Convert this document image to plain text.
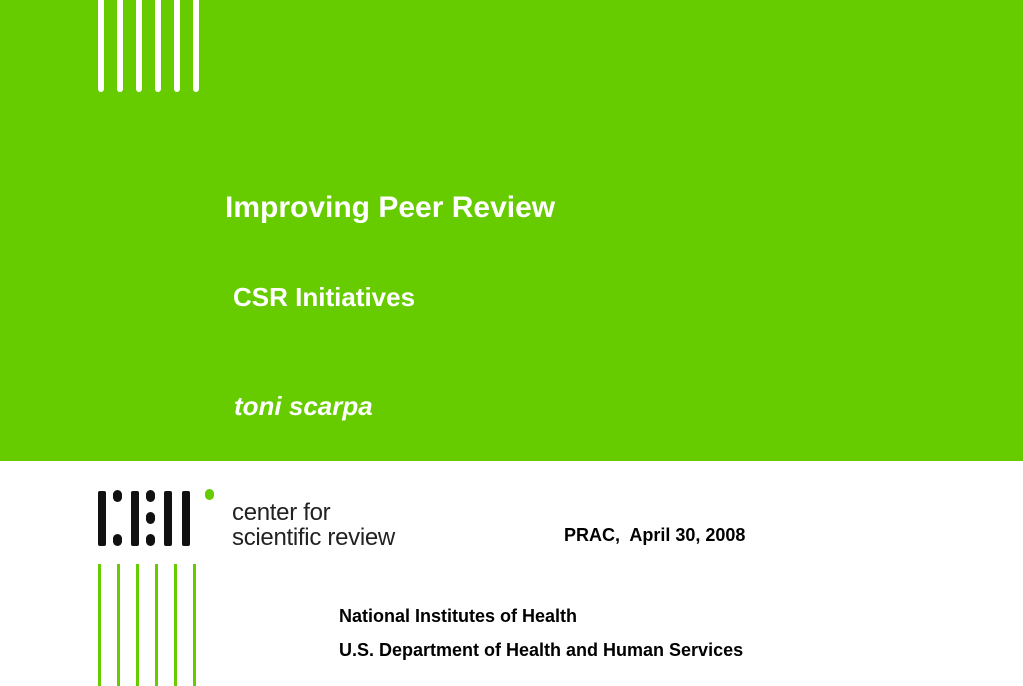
Improving Peer Review
CSR Initiatives
toni scarpa
center for
scientific review	PRAC,  April 30, 2008
National Institutes of Health
U.S. Department of Health and Human Services
